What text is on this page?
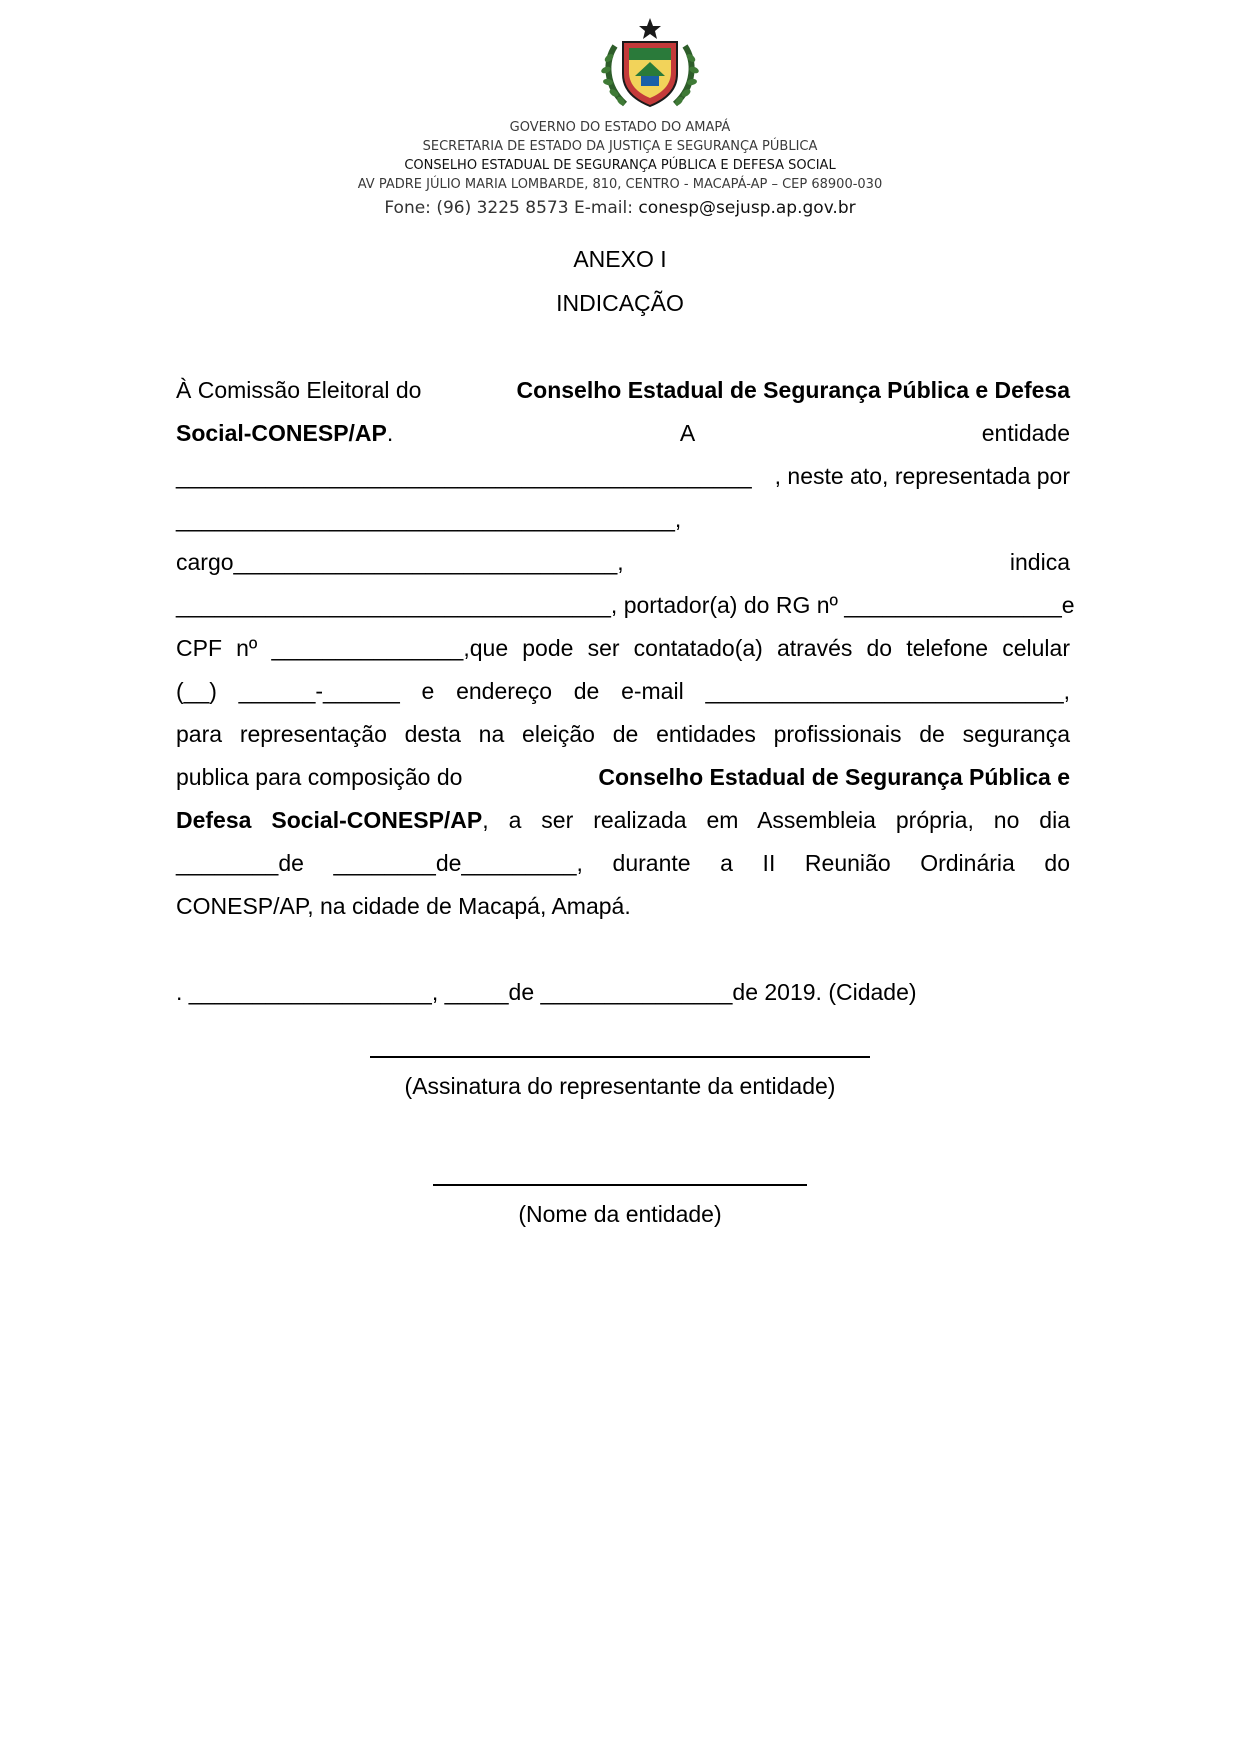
GOVERNO DO ESTADO DO AMAPÁ
SECRETARIA DE ESTADO DA JUSTIÇA E SEGURANÇA PÚBLICA
CONSELHO ESTADUAL DE SEGURANÇA PÚBLICA E DEFESA SOCIAL
AV PADRE JÚLIO MARIA LOMBARDE, 810, CENTRO - MACAPÁ-AP – CEP 68900-030
Fone: (96) 3225 8573 E-mail: conesp@sejusp.ap.gov.br
ANEXO I
INDICAÇÃO
À Comissão Eleitoral do	Conselho Estadual de Segurança Pública e Defesa
Social-CONESP/AP.	A	entidade
_____________________________________________ , neste ato, representada por
_______________________________________,
cargo______________________________,	indica
__________________________________, portador(a) do RG nº _________________ e
CPF nº _______________,que pode ser contatado(a) através do telefone celular
(__) ______-______ e endereço de e-mail ____________________________,
para representação desta na eleição de entidades profissionais de segurança
publica para composição do	Conselho Estadual de Segurança Pública e
Defesa Social-CONESP/AP, a ser realizada em Assembleia própria, no dia
________de ________de_________, durante a II Reunião Ordinária do
CONESP/AP, na cidade de Macapá, Amapá.
. ___________________, _____de _______________de 2019. (Cidade)
(Assinatura do representante da entidade)
(Nome da entidade)
